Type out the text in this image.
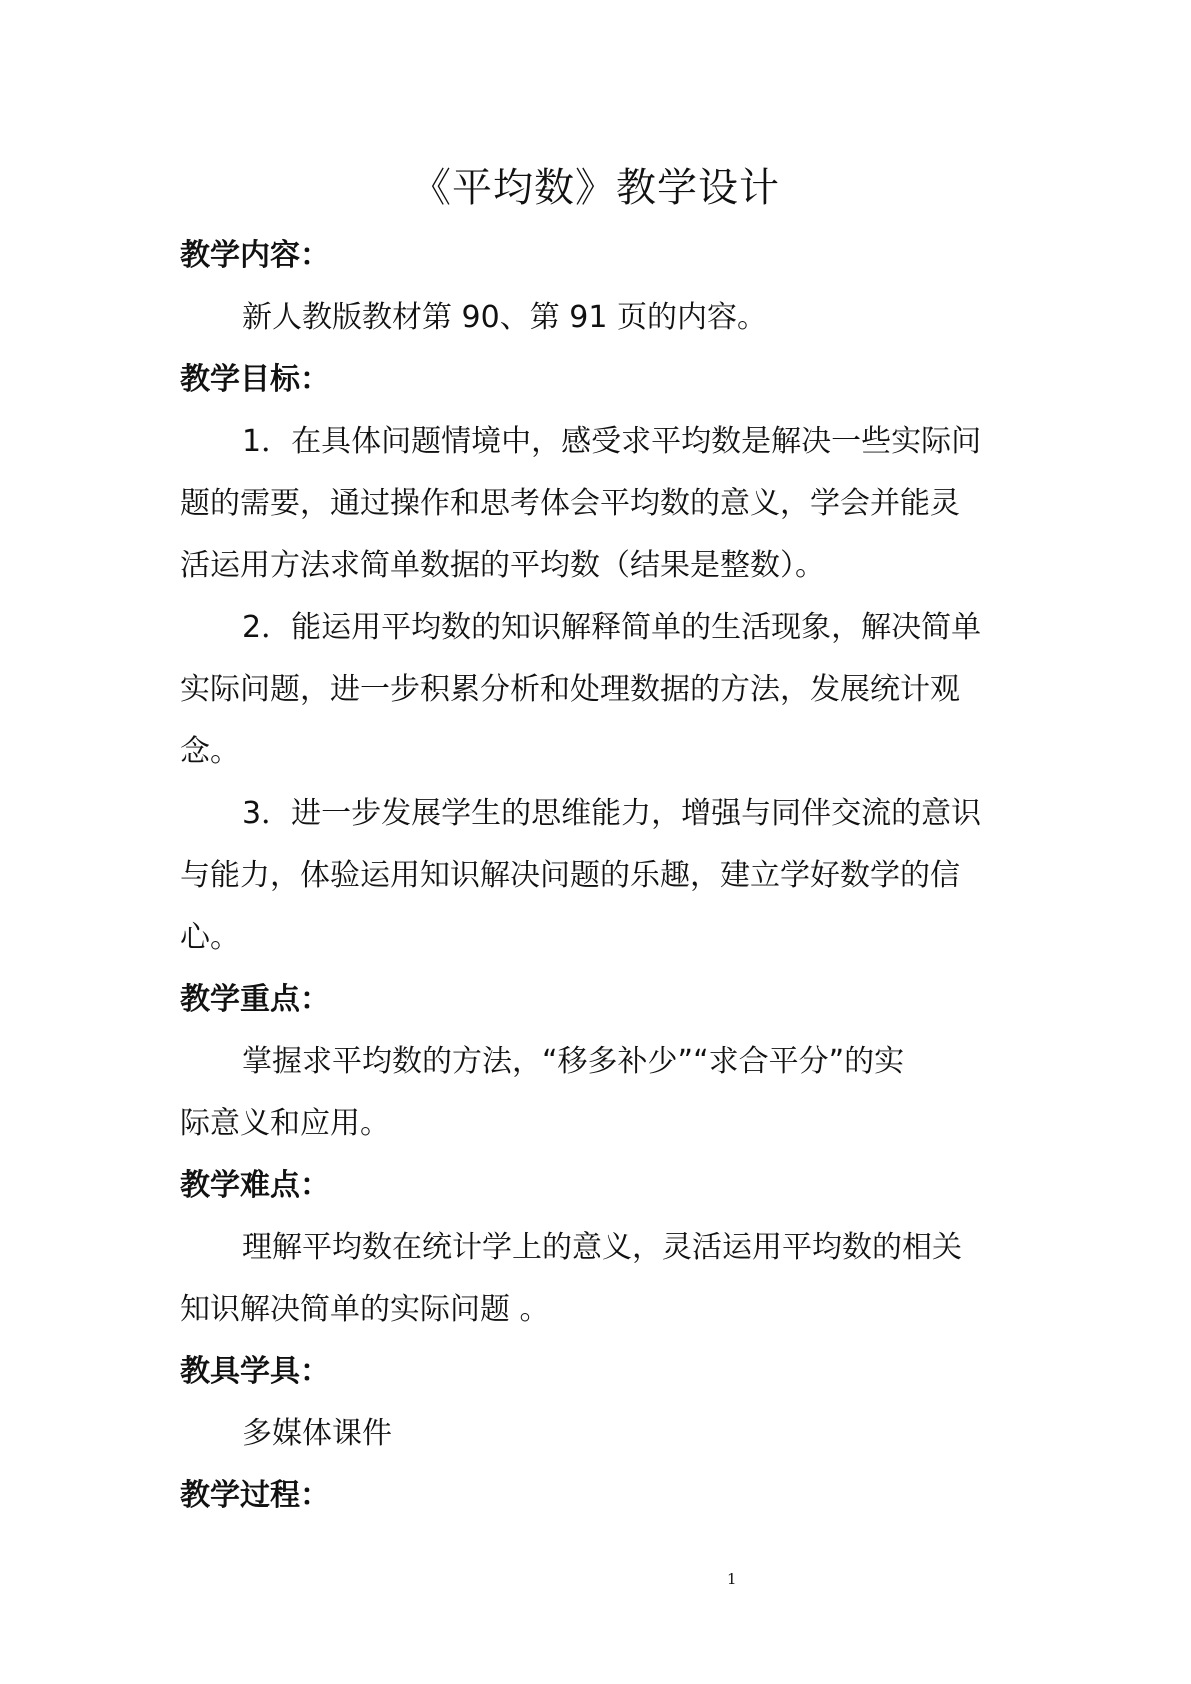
《平均数》教学设计
教学内容：
新人教版教材第 90、第 91 页的内容。
教学目标：
1．在具体问题情境中，感受求平均数是解决一些实际问
题的需要，通过操作和思考体会平均数的意义，学会并能灵
活运用方法求简单数据的平均数（结果是整数）。
2．能运用平均数的知识解释简单的生活现象，解决简单
实际问题，进一步积累分析和处理数据的方法，发展统计观
念。
3．进一步发展学生的思维能力，增强与同伴交流的意识
与能力，体验运用知识解决问题的乐趣，建立学好数学的信
心。
教学重点：
掌握求平均数的方法，“移多补少”“求合平分”的实
际意义和应用。
教学难点：
理解平均数在统计学上的意义，灵活运用平均数的相关
知识解决简单的实际问题 。
教具学具：
多媒体课件
教学过程：
1
